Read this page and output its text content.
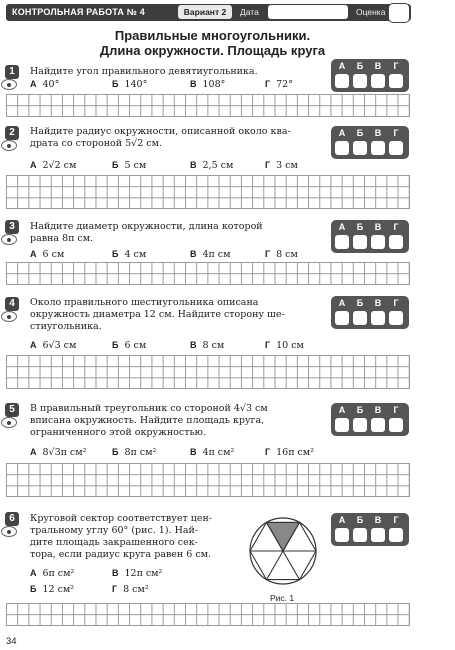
КОНТРОЛЬНАЯ РАБОТА № 4	Вариант 2	Дата	Оценка
Правильные многоугольники.
Длина окружности. Площадь круга
1	Найдите угол правильного девятиугольника.
А 40°	Б 140°	В 108°	Г 72°
А	Б	В	Г
2	Найдите радиус окружности, описанной около ква-
драта со стороной 5√2 см.
А 2√2 см	Б 5 см	В 2,5 см	Г 3 см
А	Б	В	Г
3	Найдите диаметр окружности, длина которой
равна 8π см.
А 6 см	Б 4 см	В 4π см	Г 8 см
А	Б	В	Г
4	Около правильного шестиугольника описана
окружность диаметра 12 см. Найдите сторону ше-
стиугольника.
А 6√3 см	Б 6 см	В 8 см	Г 10 см
А	Б	В	Г
5	В правильный треугольник со стороной 4√3 см
вписана окружность. Найдите площадь круга,
ограниченного этой окружностью.
А 8√3π см²	Б 8π см²	В 4π см²	Г 16π см²
А	Б	В	Г
6	Круговой сектор соответствует цен-
тральному углу 60° (рис. 1). Най-
дите площадь закрашенного сек-
тора, если радиус круга равен 6 см.
А 6π см²	В 12π см²
Б 12 см²	Г 8 см²
Рис. 1
А	Б	В	Г
34
